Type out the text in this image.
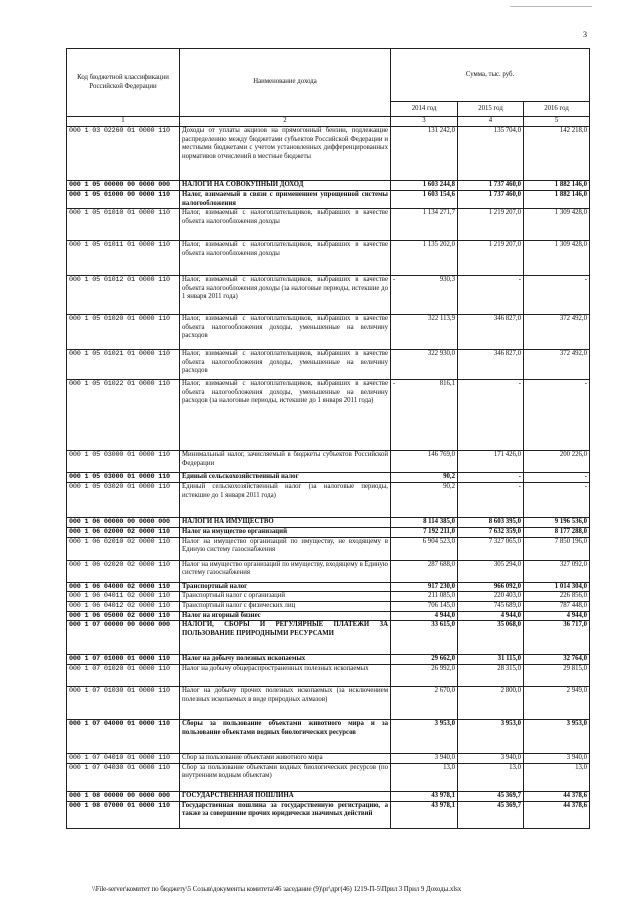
3
Код бюджетной классификации Российской Федерации	Наименование дохода	Сумма, тыс. руб.		
		2014 год	2015 год	2016 год
1	2	3	4	5
000 1 03 02260 01 0000 110	Доходы от уплаты акцизов на прямогонный бензин, подлежащие распределению между бюджетами субъектов Российской Федерации и местными бюджетами с учетом установленных дифференцированных нормативов отчислений в местные бюджеты	131 242,0	135 704,0	142 218,0
000 1 05 00000 00 0000 000	НАЛОГИ НА СОВОКУПНЫЙ ДОХОД	1 603 244,8	1 737 460,0	1 882 146,0
000 1 05 01000 00 0000 110	Налог, взимаемый в связи с применением упрощенной системы налогообложения	1 603 154,6	1 737 460,0	1 882 146,0
000 1 05 01010 01 0000 110	Налог, взимаемый с налогоплательщиков, выбравших в качестве объекта налогообложения доходы	1 134 271,7	1 219 207,0	1 309 428,0
000 1 05 01011 01 0000 110	Налог, взимаемый с налогоплательщиков, выбравших в качестве объекта налогообложения доходы	1 135 202,0	1 219 207,0	1 309 428,0
000 1 05 01012 01 0000 110	Налог, взимаемый с налогоплательщиков, выбравших в качестве объекта налогообложения доходы (за налоговые периоды, истекшие до 1 января 2011 года)	- 930,3	-	-
000 1 05 01020 01 0000 110	Налог, взимаемый с налогоплательщиков, выбравших в качестве объекта налогообложения доходы, уменьшенные на величину расходов	322 113,9	346 827,0	372 492,0
000 1 05 01021 01 0000 110	Налог, взимаемый с налогоплательщиков, выбравших в качестве объекта налогообложения доходы, уменьшенные на величину расходов	322 930,0	346 827,0	372 492,0
000 1 05 01022 01 0000 110	Налог, взимаемый с налогоплательщиков, выбравших в качестве объекта налогообложения доходы, уменьшенные на величину расходов (за налоговые периоды, истекшие до 1 января 2011 года)	- 816,1	-	-
000 1 05 03000 01 0000 110	Минимальный налог, зачисляемый в бюджеты субъектов Российской Федерации	146 769,0	171 426,0	200 226,0
000 1 05 03000 01 0000 110	Единый сельскохозяйственный налог	90,2	-	-
000 1 05 03020 01 0000 110	Единый сельскохозяйственный налог (за налоговые периоды, истекшие до 1 января 2011 года)	90,2	-	-
000 1 06 00000 00 0000 000	НАЛОГИ НА ИМУЩЕСТВО	8 114 385,0	8 603 395,0	9 196 536,0
000 1 06 02000 02 0000 110	Налог на имущество организаций	7 192 211,0	7 632 359,0	8 177 288,0
000 1 06 02010 02 0000 110	Налог на имущество организаций по имуществу, не входящему в Единую систему газоснабжения	6 904 523,0	7 327 065,0	7 850 196,0
000 1 06 02020 02 0000 110	Налог на имущество организаций по имуществу, входящему в Единую систему газоснабжения	287 688,0	305 294,0	327 092,0
000 1 06 04000 02 0000 110	Транспортный налог	917 230,0	966 092,0	1 014 304,0
000 1 06 04011 02 0000 110	Транспортный налог с организаций	211 085,0	220 403,0	226 856,0
000 1 06 04012 02 0000 110	Транспортный налог с физических лиц	706 145,0	745 689,0	787 448,0
000 1 06 05000 02 0000 110	Налог на игорный бизнес	4 944,0	4 944,0	4 944,0
000 1 07 00000 00 0000 000	НАЛОГИ, СБОРЫ И РЕГУЛЯРНЫЕ ПЛАТЕЖИ ЗА ПОЛЬЗОВАНИЕ ПРИРОДНЫМИ РЕСУРСАМИ	33 615,0	35 068,0	36 717,0
000 1 07 01000 01 0000 110	Налог на добычу полезных ископаемых	29 662,0	31 115,0	32 764,0
000 1 07 01020 01 0000 110	Налог на добычу общераспространенных полезных ископаемых	26 992,0	28 315,0	29 815,0
000 1 07 01030 01 0000 110	Налог на добычу прочих полезных ископаемых (за исключением полезных ископаемых в виде природных алмазов)	2 670,0	2 800,0	2 949,0
000 1 07 04000 01 0000 110	Сборы за пользование объектами животного мира и за пользование объектами водных биологических ресурсов	3 953,0	3 953,0	3 953,0
000 1 07 04010 01 0000 110	Сбор за пользование объектами животного мира	3 940,0	3 940,0	3 940,0
000 1 07 04030 01 0000 110	Сбор за пользование объектами водных биологических ресурсов (по внутренним водным объектам)	13,0	13,0	13,0
000 1 08 00000 00 0000 000	ГОСУДАРСТВЕННАЯ ПОШЛИНА	43 978,1	45 369,7	44 378,6
000 1 08 07000 01 0000 110	Государственная пошлина за государственную регистрацию, а также за совершение прочих юридически значимых действий	43 978,1	45 369,7	44 378,6
\\File-server\комитет по бюджету\5 Созыв\документы комитета\46 заседание (9)\рг\дрг(46) 1219-П-5\Прил 3 Прил 9 Доходы.xlsx
